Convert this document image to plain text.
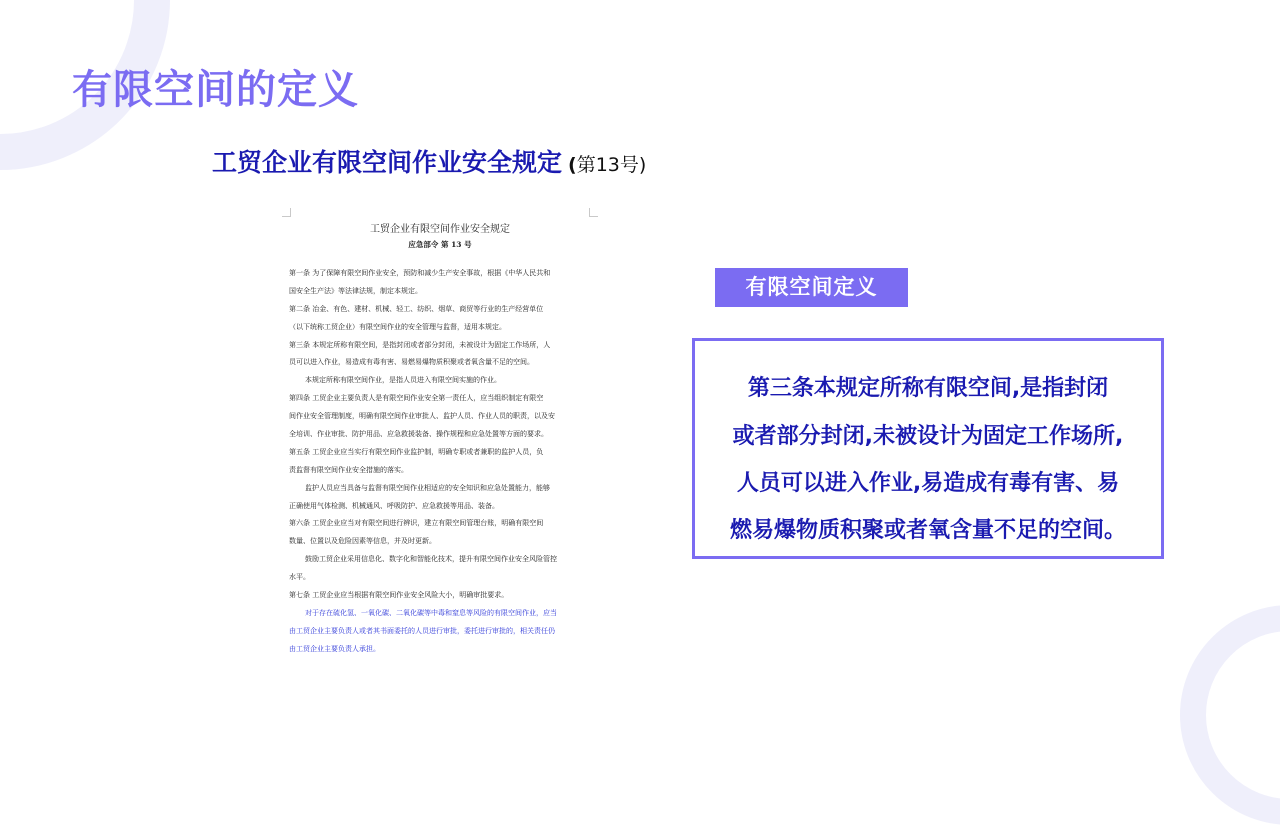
有限空间的定义
工贸企业有限空间作业安全规定 (第13号)
工贸企业有限空间作业安全规定
应急部令 第 13 号
第一条 为了保障有限空间作业安全，预防和减少生产安全事故，根据《中华人民共和
国安全生产法》等法律法规，制定本规定。
第二条 冶金、有色、建材、机械、轻工、纺织、烟草、商贸等行业的生产经营单位
（以下统称工贸企业）有限空间作业的安全管理与监督，适用本规定。
第三条 本规定所称有限空间，是指封闭或者部分封闭，未被设计为固定工作场所，人
员可以进入作业，易造成有毒有害、易燃易爆物质积聚或者氧含量不足的空间。
本规定所称有限空间作业，是指人员进入有限空间实施的作业。
第四条 工贸企业主要负责人是有限空间作业安全第一责任人，应当组织制定有限空
间作业安全管理制度，明确有限空间作业审批人、监护人员、作业人员的职责，以及安
全培训、作业审批、防护用品、应急救援装备、操作规程和应急处置等方面的要求。
第五条 工贸企业应当实行有限空间作业监护制，明确专职或者兼职的监护人员，负
责监督有限空间作业安全措施的落实。
监护人员应当具备与监督有限空间作业相适应的安全知识和应急处置能力，能够
正确使用气体检测、机械通风、呼吸防护、应急救援等用品、装备。
第六条 工贸企业应当对有限空间进行辨识，建立有限空间管理台账，明确有限空间
数量、位置以及危险因素等信息，并及时更新。
鼓励工贸企业采用信息化、数字化和智能化技术，提升有限空间作业安全风险管控
水平。
第七条 工贸企业应当根据有限空间作业安全风险大小，明确审批要求。
对于存在硫化氢、一氧化碳、二氧化碳等中毒和窒息等风险的有限空间作业，应当
由工贸企业主要负责人或者其书面委托的人员进行审批，委托进行审批的，相关责任仍
由工贸企业主要负责人承担。
有限空间定义
第三条本规定所称有限空间,是指封闭
或者部分封闭,未被设计为固定工作场所,
人员可以进入作业,易造成有毒有害、易
燃易爆物质积聚或者氧含量不足的空间。
